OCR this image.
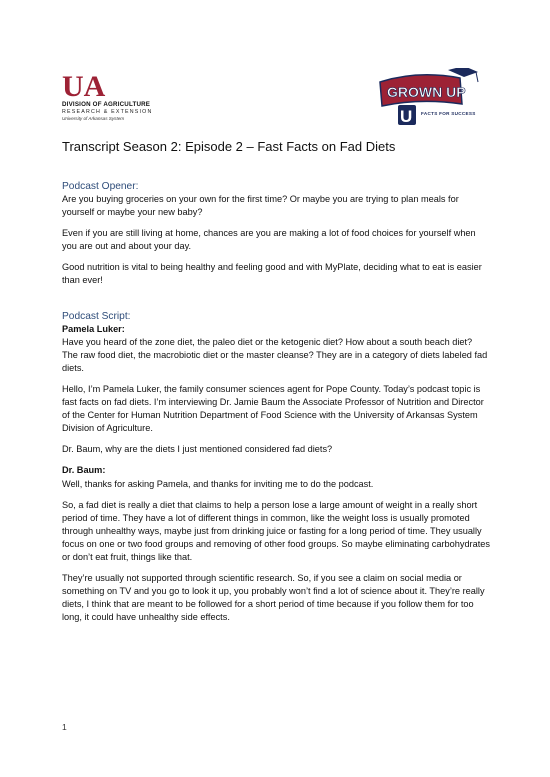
UA
DIVISION OF AGRICULTURE
RESEARCH & EXTENSION
University of Arkansas System
GROWN UP
U FACTS FOR SUCCESS
Transcript Season 2: Episode 2 – Fast Facts on Fad Diets
Podcast Opener:

Are you buying groceries on your own for the first time? Or maybe you are trying to plan meals for yourself or maybe your new baby?

Even if you are still living at home, chances are you are making a lot of food choices for yourself when you are out and about your day.

Good nutrition is vital to being healthy and feeling good and with MyPlate, deciding what to eat is easier than ever!

Podcast Script:
Pamela Luker:

Have you heard of the zone diet, the paleo diet or the ketogenic diet? How about a south beach diet? The raw food diet, the macrobiotic diet or the master cleanse? They are in a category of diets labeled fad diets.

Hello, I’m Pamela Luker, the family consumer sciences agent for Pope County. Today’s podcast topic is fast facts on fad diets. I’m interviewing Dr. Jamie Baum the Associate Professor of Nutrition and Director of the Center for Human Nutrition Department of Food Science with the University of Arkansas System Division of Agriculture.

Dr. Baum, why are the diets I just mentioned considered fad diets?

Dr. Baum:

Well, thanks for asking Pamela, and thanks for inviting me to do the podcast.

So, a fad diet is really a diet that claims to help a person lose a large amount of weight in a really short period of time. They have a lot of different things in common, like the weight loss is usually promoted through unhealthy ways, maybe just from drinking juice or fasting for a long period of time. They usually focus on one or two food groups and removing of other food groups. So maybe eliminating carbohydrates or don’t eat fruit, things like that.

They’re usually not supported through scientific research. So, if you see a claim on social media or something on TV and you go to look it up, you probably won’t find a lot of science about it. They’re really diets, I think that are meant to be followed for a short period of time because if you follow them for too long, it could have unhealthy side effects.

1
